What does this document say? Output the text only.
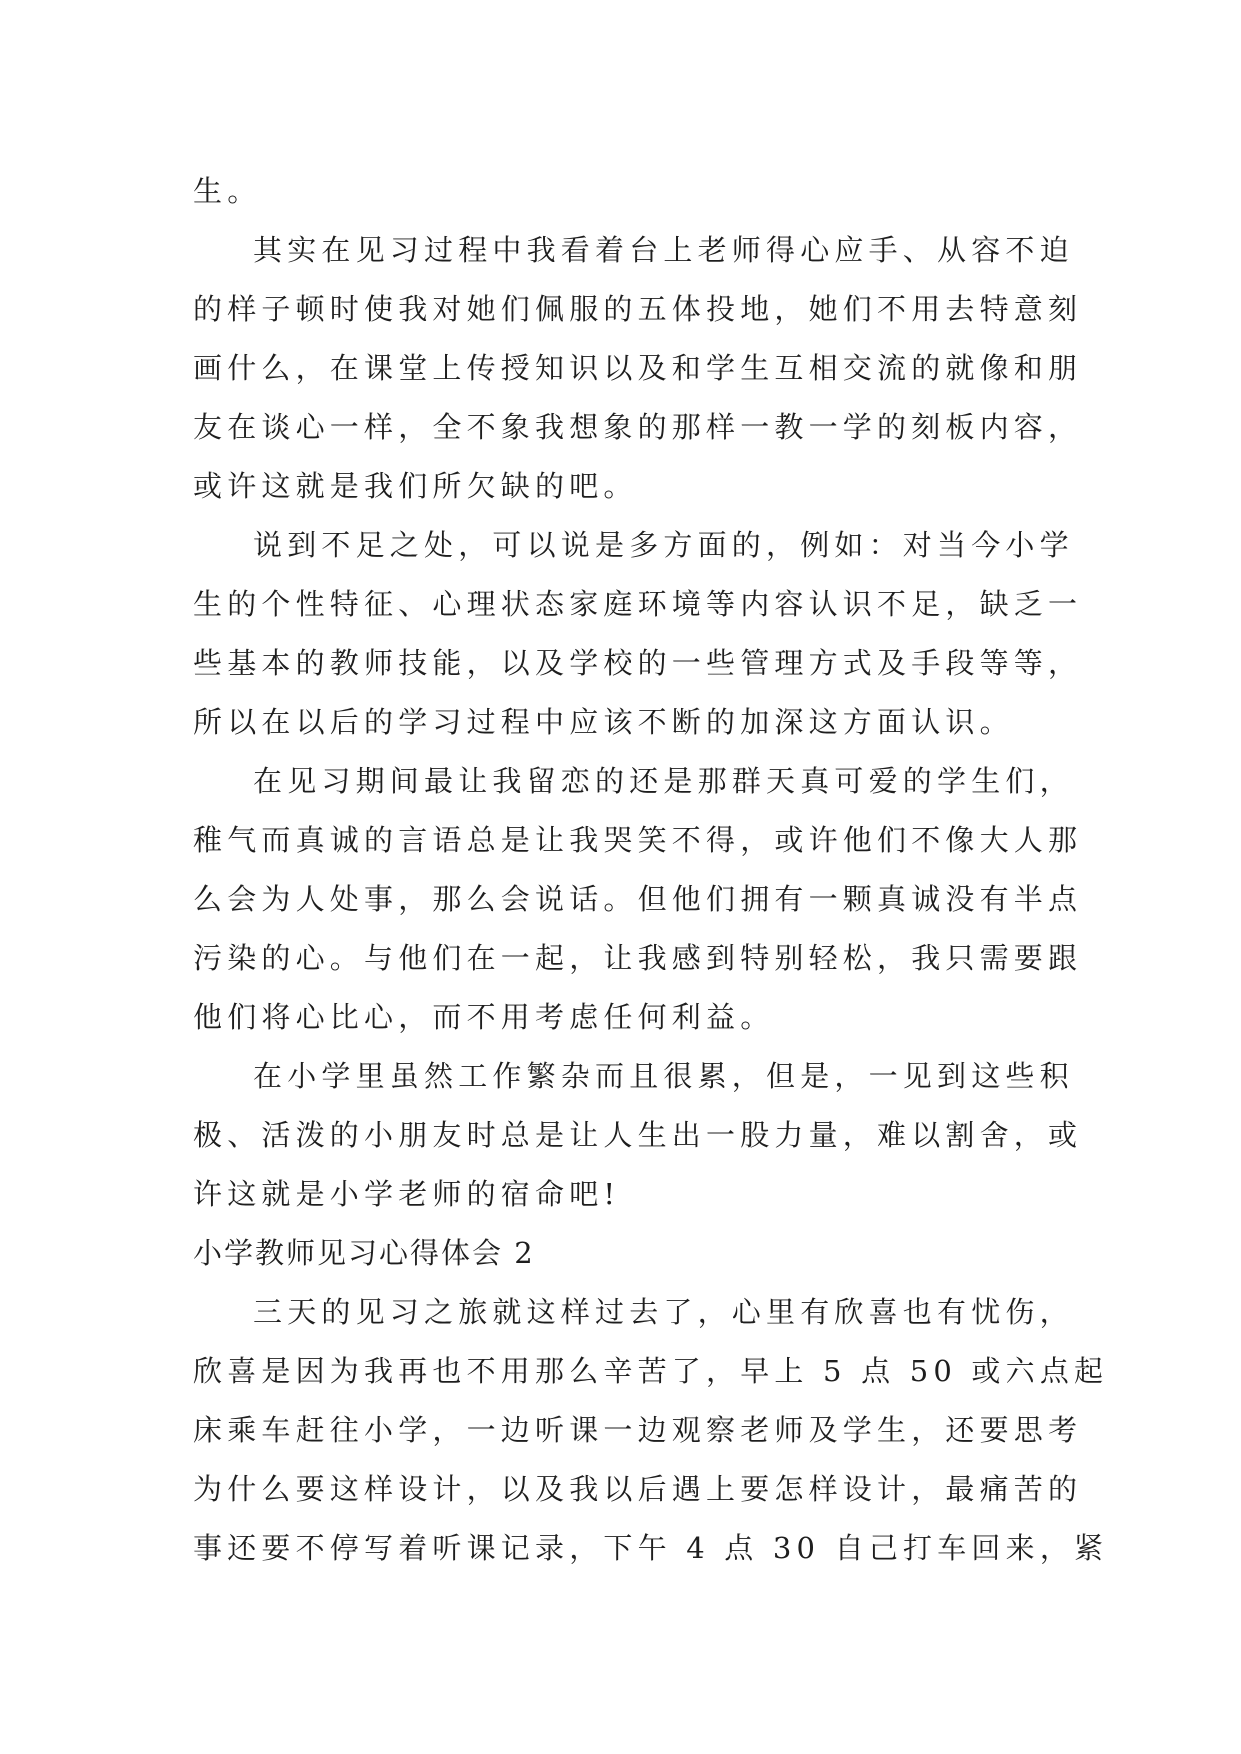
生。
其实在见习过程中我看着台上老师得心应手、从容不迫
的样子顿时使我对她们佩服的五体投地，她们不用去特意刻
画什么，在课堂上传授知识以及和学生互相交流的就像和朋
友在谈心一样，全不象我想象的那样一教一学的刻板内容，
或许这就是我们所欠缺的吧。
说到不足之处，可以说是多方面的，例如：对当今小学
生的个性特征、心理状态家庭环境等内容认识不足，缺乏一
些基本的教师技能，以及学校的一些管理方式及手段等等，
所以在以后的学习过程中应该不断的加深这方面认识。
在见习期间最让我留恋的还是那群天真可爱的学生们，
稚气而真诚的言语总是让我哭笑不得，或许他们不像大人那
么会为人处事，那么会说话。但他们拥有一颗真诚没有半点
污染的心。与他们在一起，让我感到特别轻松，我只需要跟
他们将心比心，而不用考虑任何利益。
在小学里虽然工作繁杂而且很累，但是，一见到这些积
极、活泼的小朋友时总是让人生出一股力量，难以割舍，或
许这就是小学老师的宿命吧!
小学教师见习心得体会 2
三天的见习之旅就这样过去了，心里有欣喜也有忧伤，
欣喜是因为我再也不用那么辛苦了，早上 5 点 50 或六点起
床乘车赶往小学，一边听课一边观察老师及学生，还要思考
为什么要这样设计，以及我以后遇上要怎样设计，最痛苦的
事还要不停写着听课记录，下午 4 点 30 自己打车回来，紧
